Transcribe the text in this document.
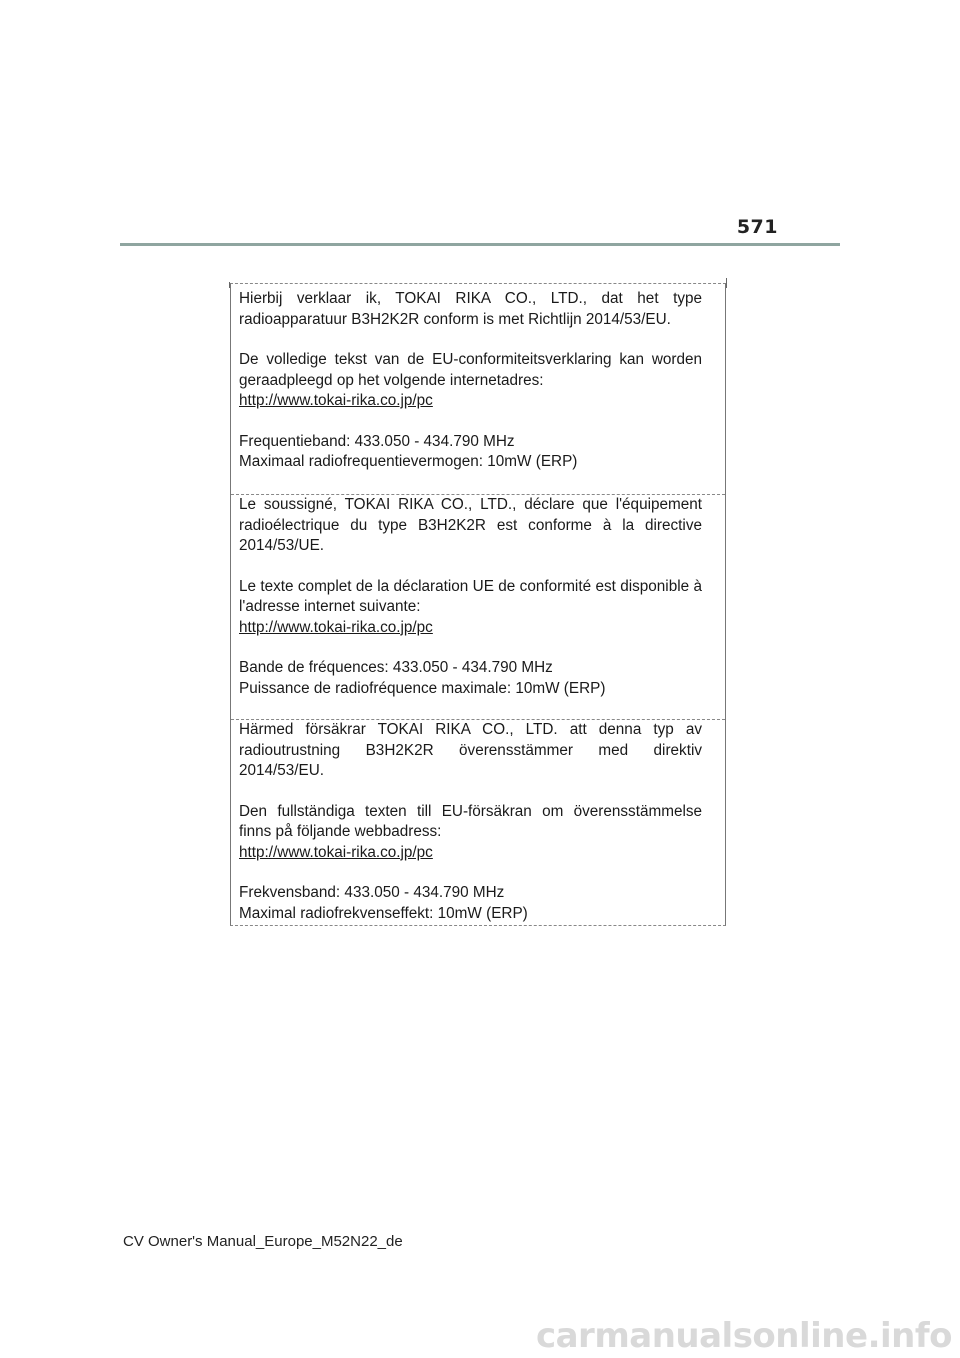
571

Hierbij verklaar ik, TOKAI RIKA CO., LTD., dat het type radioapparatuur B3H2K2R conform is met Richtlijn 2014/53/EU.

De volledige tekst van de EU-conformiteitsverklaring kan worden geraadpleegd op het volgende internetadres:

http://www.tokai-rika.co.jp/pc

Frequentieband: 433.050 - 434.790 MHz

Maximaal radiofrequentievermogen: 10mW (ERP)

Le soussigné, TOKAI RIKA CO., LTD., déclare que l'équipement radioélectrique du type B3H2K2R est conforme à la directive 2014/53/UE.

Le texte complet de la déclaration UE de conformité est disponible à l'adresse internet suivante:

http://www.tokai-rika.co.jp/pc

Bande de fréquences: 433.050 - 434.790 MHz

Puissance de radiofréquence maximale: 10mW (ERP)

Härmed försäkrar TOKAI RIKA CO., LTD. att denna typ av radioutrustning B3H2K2R överensstämmer med direktiv 2014/53/EU.

Den fullständiga texten till EU-försäkran om överensstämmelse finns på följande webbadress:

http://www.tokai-rika.co.jp/pc

Frekvensband: 433.050 - 434.790 MHz

Maximal radiofrekvenseffekt: 10mW (ERP)

CV Owner's Manual_Europe_M52N22_de
carmanualsonline.info
